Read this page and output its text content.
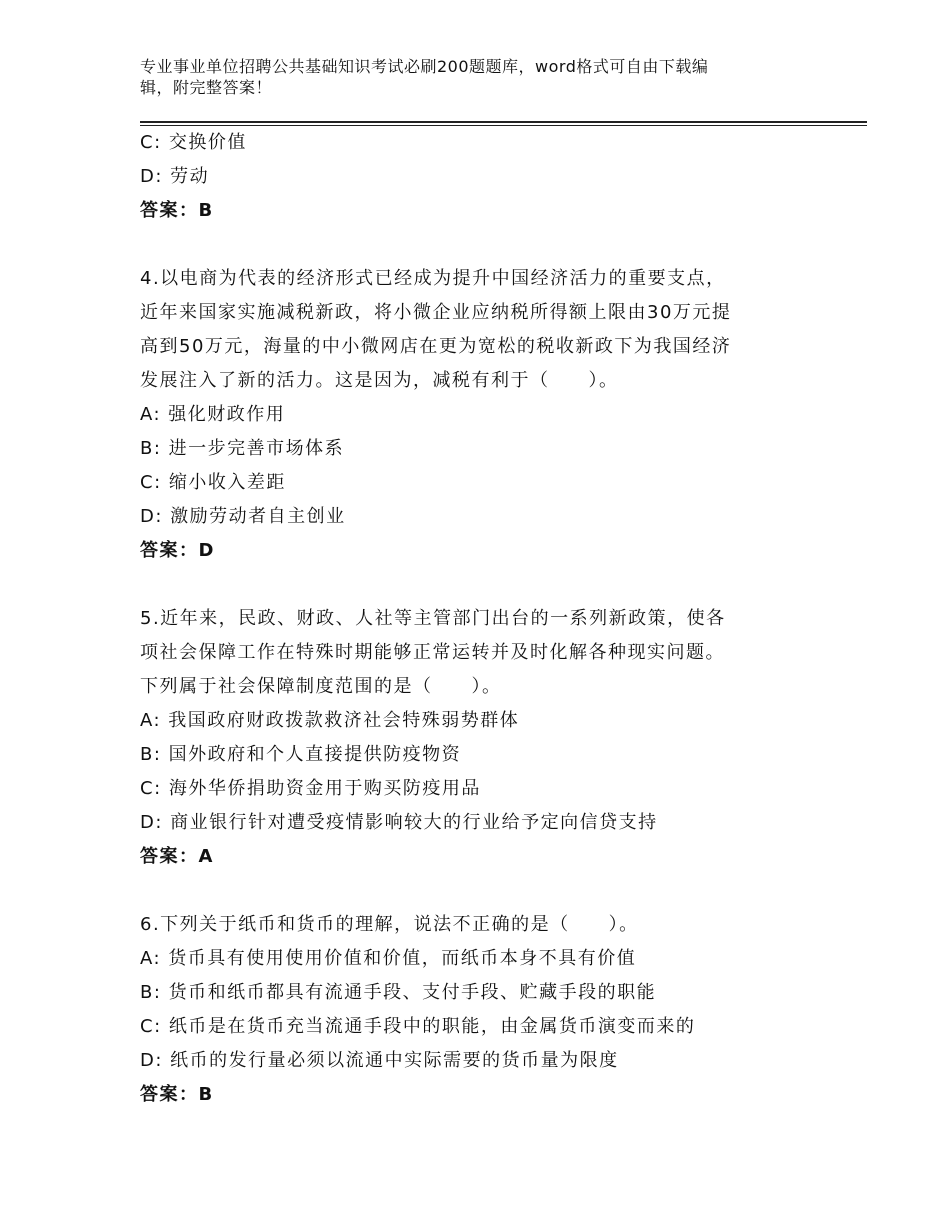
专业事业单位招聘公共基础知识考试必刷200题题库，word格式可自由下载编
辑，附完整答案！
C: 交换价值
D: 劳动
答案：B
4.以电商为代表的经济形式已经成为提升中国经济活力的重要支点，
近年来国家实施减税新政，将小微企业应纳税所得额上限由30万元提
高到50万元，海量的中小微网店在更为宽松的税收新政下为我国经济
发展注入了新的活力。这是因为，减税有利于（　　）。
A: 强化财政作用
B: 进一步完善市场体系
C: 缩小收入差距
D: 激励劳动者自主创业
答案：D
5.近年来，民政、财政、人社等主管部门出台的一系列新政策，使各
项社会保障工作在特殊时期能够正常运转并及时化解各种现实问题。
下列属于社会保障制度范围的是（　　）。
A: 我国政府财政拨款救济社会特殊弱势群体
B: 国外政府和个人直接提供防疫物资
C: 海外华侨捐助资金用于购买防疫用品
D: 商业银行针对遭受疫情影响较大的行业给予定向信贷支持
答案：A
6.下列关于纸币和货币的理解，说法不正确的是（　　）。
A: 货币具有使用使用价值和价值，而纸币本身不具有价值
B: 货币和纸币都具有流通手段、支付手段、贮藏手段的职能
C: 纸币是在货币充当流通手段中的职能，由金属货币演变而来的
D: 纸币的发行量必须以流通中实际需要的货币量为限度
答案：B
